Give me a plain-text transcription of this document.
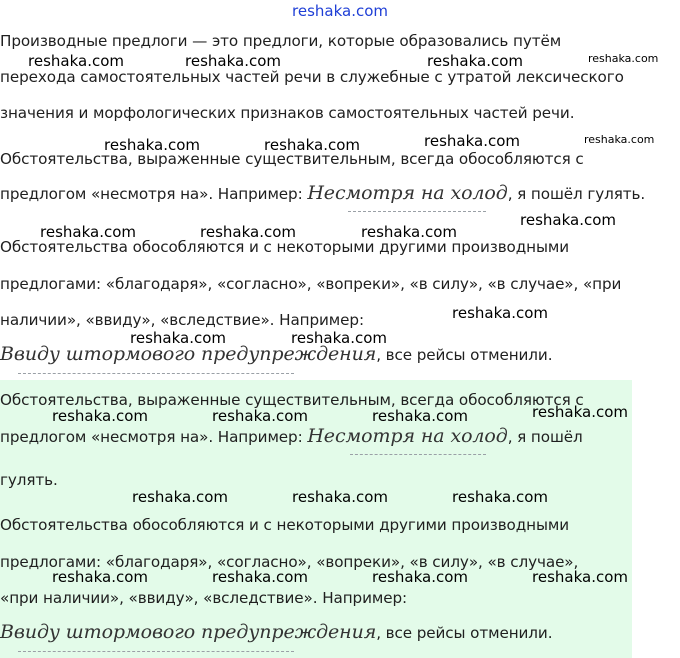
reshaka.com
Производные предлоги — это предлоги, которые образовались путём
перехода самостоятельных частей речи в служебные с утратой лексического
значения и морфологических признаков самостоятельных частей речи.
Обстоятельства, выраженные существительным, всегда обособляются с
предлогом «несмотря на». Например: Несмотря на холод, я пошёл гулять.
Обстоятельства обособляются и с некоторыми другими производными
предлогами: «благодаря», «согласно», «вопреки», «в силу», «в случае», «при
наличии», «ввиду», «вследствие». Например:
Ввиду штормового предупреждения, все рейсы отменили.
Обстоятельства, выраженные существительным, всегда обособляются с
предлогом «несмотря на». Например: Несмотря на холод, я пошёл
гулять.
Обстоятельства обособляются и с некоторыми другими производными
предлогами: «благодаря», «согласно», «вопреки», «в силу», «в случае»,
«при наличии», «ввиду», «вследствие». Например:
Ввиду штормового предупреждения, все рейсы отменили.
reshaka.com	reshaka.com	reshaka.com	reshaka.com
reshaka.com	reshaka.com	reshaka.com	reshaka.com
reshaka.com	reshaka.com	reshaka.com
reshaka.com
reshaka.com
reshaka.com	reshaka.com
reshaka.com	reshaka.com	reshaka.com	reshaka.com
reshaka.com	reshaka.com	reshaka.com
reshaka.com	reshaka.com	reshaka.com	reshaka.com
